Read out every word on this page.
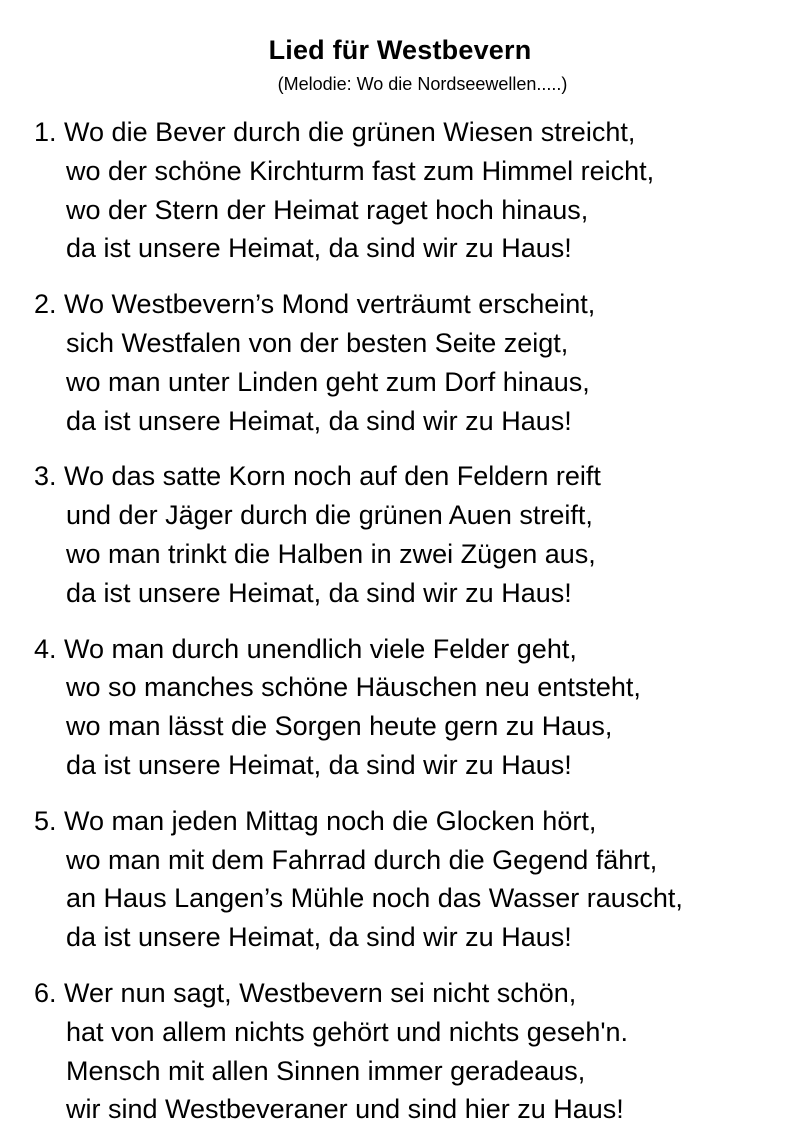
Lied für Westbevern
(Melodie: Wo die Nordseewellen.....)
1. Wo die Bever durch die grünen Wiesen streicht,
wo der schöne Kirchturm fast zum Himmel reicht,
wo der Stern der Heimat raget hoch hinaus,
da ist unsere Heimat, da sind wir zu Haus!
2. Wo Westbevern’s Mond verträumt erscheint,
sich Westfalen von der besten Seite zeigt,
wo man unter Linden geht zum Dorf hinaus,
da ist unsere Heimat, da sind wir zu Haus!
3. Wo das satte Korn noch auf den Feldern reift
und der Jäger durch die grünen Auen streift,
wo man trinkt die Halben in zwei Zügen aus,
da ist unsere Heimat, da sind wir zu Haus!
4. Wo man durch unendlich viele Felder geht,
wo so manches schöne Häuschen neu entsteht,
wo man lässt die Sorgen heute gern zu Haus,
da ist unsere Heimat, da sind wir zu Haus!
5. Wo man jeden Mittag noch die Glocken hört,
wo man mit dem Fahrrad durch die Gegend fährt,
an Haus Langen’s Mühle noch das Wasser rauscht,
da ist unsere Heimat, da sind wir zu Haus!
6. Wer nun sagt, Westbevern sei nicht schön,
hat von allem nichts gehört und nichts geseh'n.
Mensch mit allen Sinnen immer geradeaus,
wir sind Westbeveraner und sind hier zu Haus!
